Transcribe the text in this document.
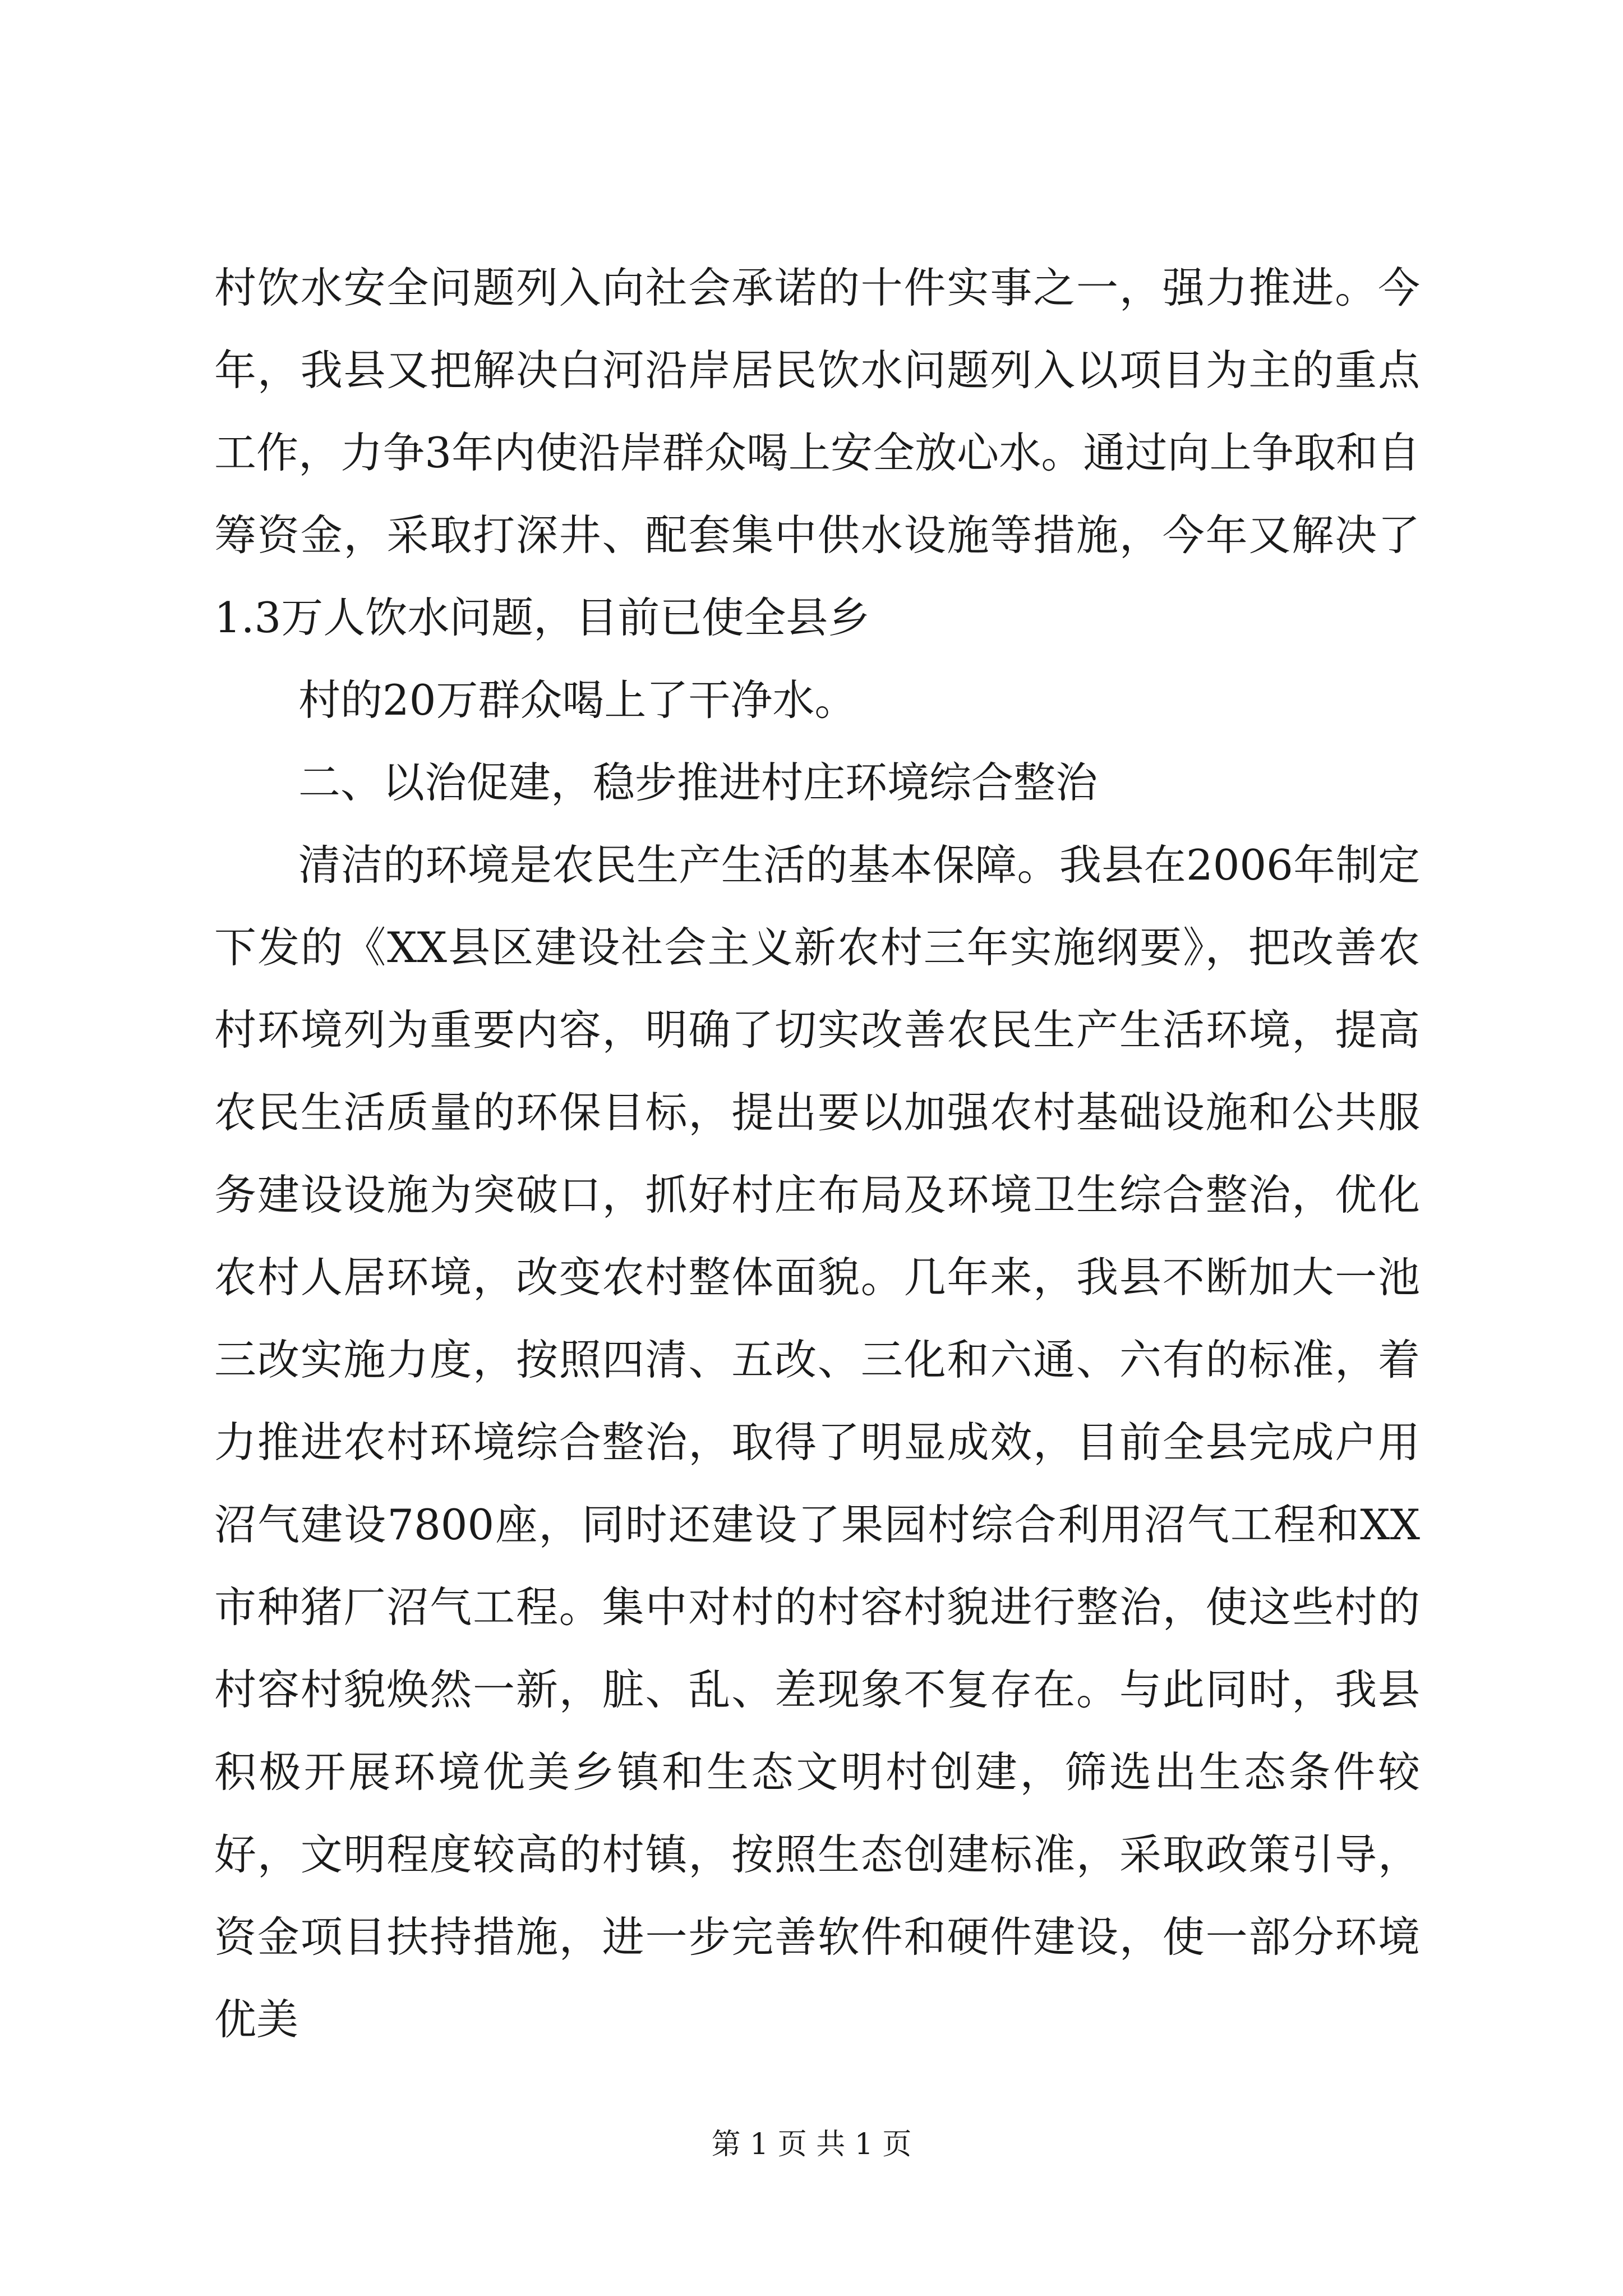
村饮水安全问题列入向社会承诺的十件实事之一，强力推进。今年，我县又把解决白河沿岸居民饮水问题列入以项目为主的重点工作，力争3年内使沿岸群众喝上安全放心水。通过向上争取和自筹资金，采取打深井、配套集中供水设施等措施，今年又解决了1.3万人饮水问题，目前已使全县乡

村的20万群众喝上了干净水。

二、以治促建，稳步推进村庄环境综合整治

清洁的环境是农民生产生活的基本保障。我县在2006年制定下发的《XX县区建设社会主义新农村三年实施纲要》，把改善农村环境列为重要内容，明确了切实改善农民生产生活环境，提高农民生活质量的环保目标，提出要以加强农村基础设施和公共服务建设设施为突破口，抓好村庄布局及环境卫生综合整治，优化农村人居环境，改变农村整体面貌。几年来，我县不断加大一池三改实施力度，按照四清、五改、三化和六通、六有的标准，着力推进农村环境综合整治，取得了明显成效，目前全县完成户用沼气建设7800座，同时还建设了果园村综合利用沼气工程和XX市种猪厂沼气工程。集中对村的村容村貌进行整治，使这些村的村容村貌焕然一新，脏、乱、差现象不复存在。与此同时，我县积极开展环境优美乡镇和生态文明村创建，筛选出生态条件较好，文明程度较高的村镇，按照生态创建标准，采取政策引导，资金项目扶持措施，进一步完善软件和硬件建设，使一部分环境优美

第 1 页 共 1 页
